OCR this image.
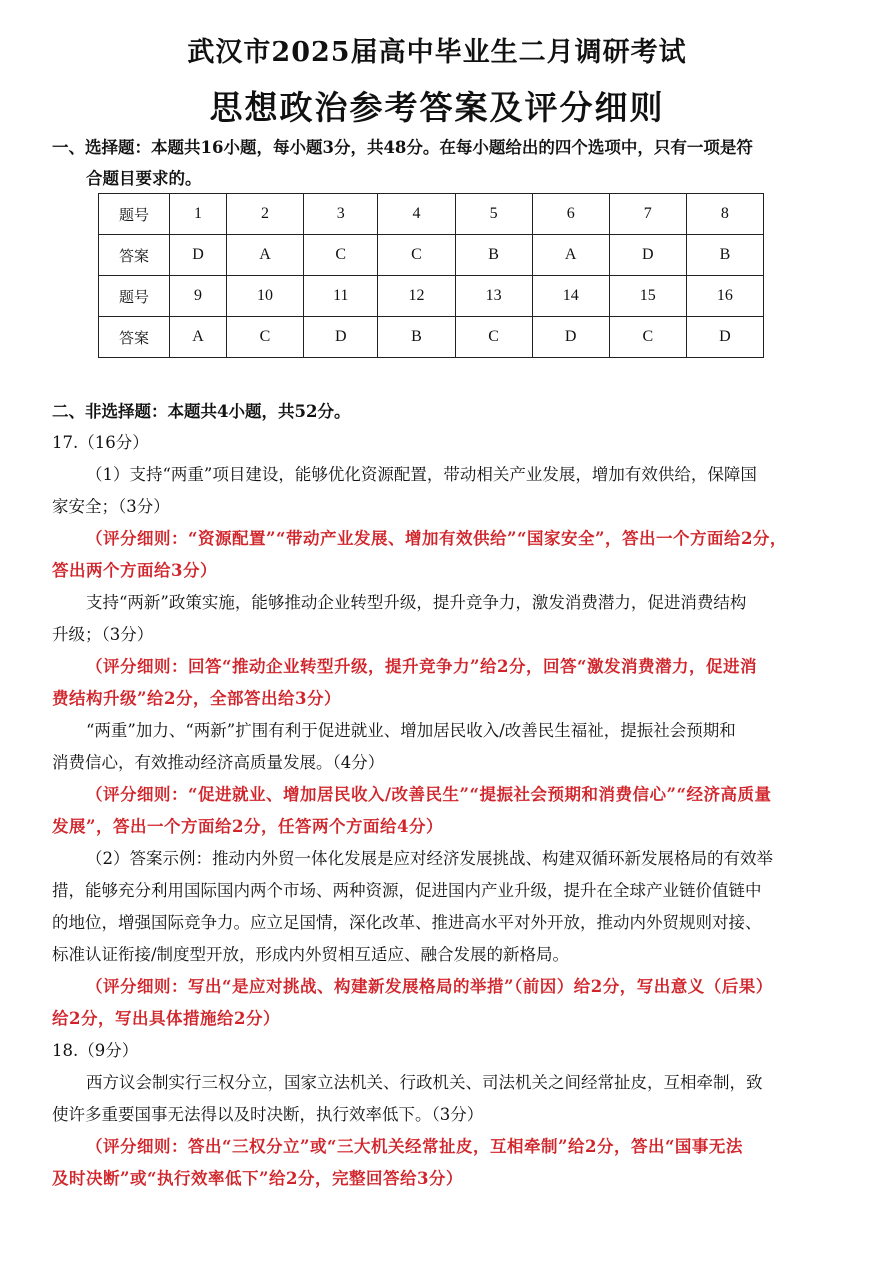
武汉市2025届高中毕业生二月调研考试
思想政治参考答案及评分细则
一、选择题：本题共16小题，每小题3分，共48分。在每小题给出的四个选项中，只有一项是符
合题目要求的。
题号	1	2	3	4	5	6	7	8
答案	D	A	C	C	B	A	D	B
题号	9	10	11	12	13	14	15	16
答案	A	C	D	B	C	D	C	D
二、非选择题：本题共4小题，共52分。
17.（16分）
（1）支持“两重”项目建设，能够优化资源配置，带动相关产业发展，增加有效供给，保障国
家安全；（3分）
（评分细则：“资源配置”“带动产业发展、增加有效供给”“国家安全”，答出一个方面给2分，
答出两个方面给3分）
支持“两新”政策实施，能够推动企业转型升级，提升竞争力，激发消费潜力，促进消费结构
升级；（3分）
（评分细则：回答“推动企业转型升级，提升竞争力”给2分，回答“激发消费潜力，促进消
费结构升级”给2分，全部答出给3分）
“两重”加力、“两新”扩围有利于促进就业、增加居民收入/改善民生福祉，提振社会预期和
消费信心，有效推动经济高质量发展。（4分）
（评分细则：“促进就业、增加居民收入/改善民生”“提振社会预期和消费信心”“经济高质量
发展”，答出一个方面给2分，任答两个方面给4分）
（2）答案示例：推动内外贸一体化发展是应对经济发展挑战、构建双循环新发展格局的有效举
措，能够充分利用国际国内两个市场、两种资源，促进国内产业升级，提升在全球产业链价值链中
的地位，增强国际竞争力。应立足国情，深化改革、推进高水平对外开放，推动内外贸规则对接、
标准认证衔接/制度型开放，形成内外贸相互适应、融合发展的新格局。
（评分细则：写出“是应对挑战、构建新发展格局的举措”（前因）给2分，写出意义（后果）
给2分，写出具体措施给2分）
18.（9分）
西方议会制实行三权分立，国家立法机关、行政机关、司法机关之间经常扯皮，互相牵制，致
使许多重要国事无法得以及时决断，执行效率低下。（3分）
（评分细则：答出“三权分立”或“三大机关经常扯皮，互相牵制”给2分，答出“国事无法
及时决断”或“执行效率低下”给2分，完整回答给3分）
